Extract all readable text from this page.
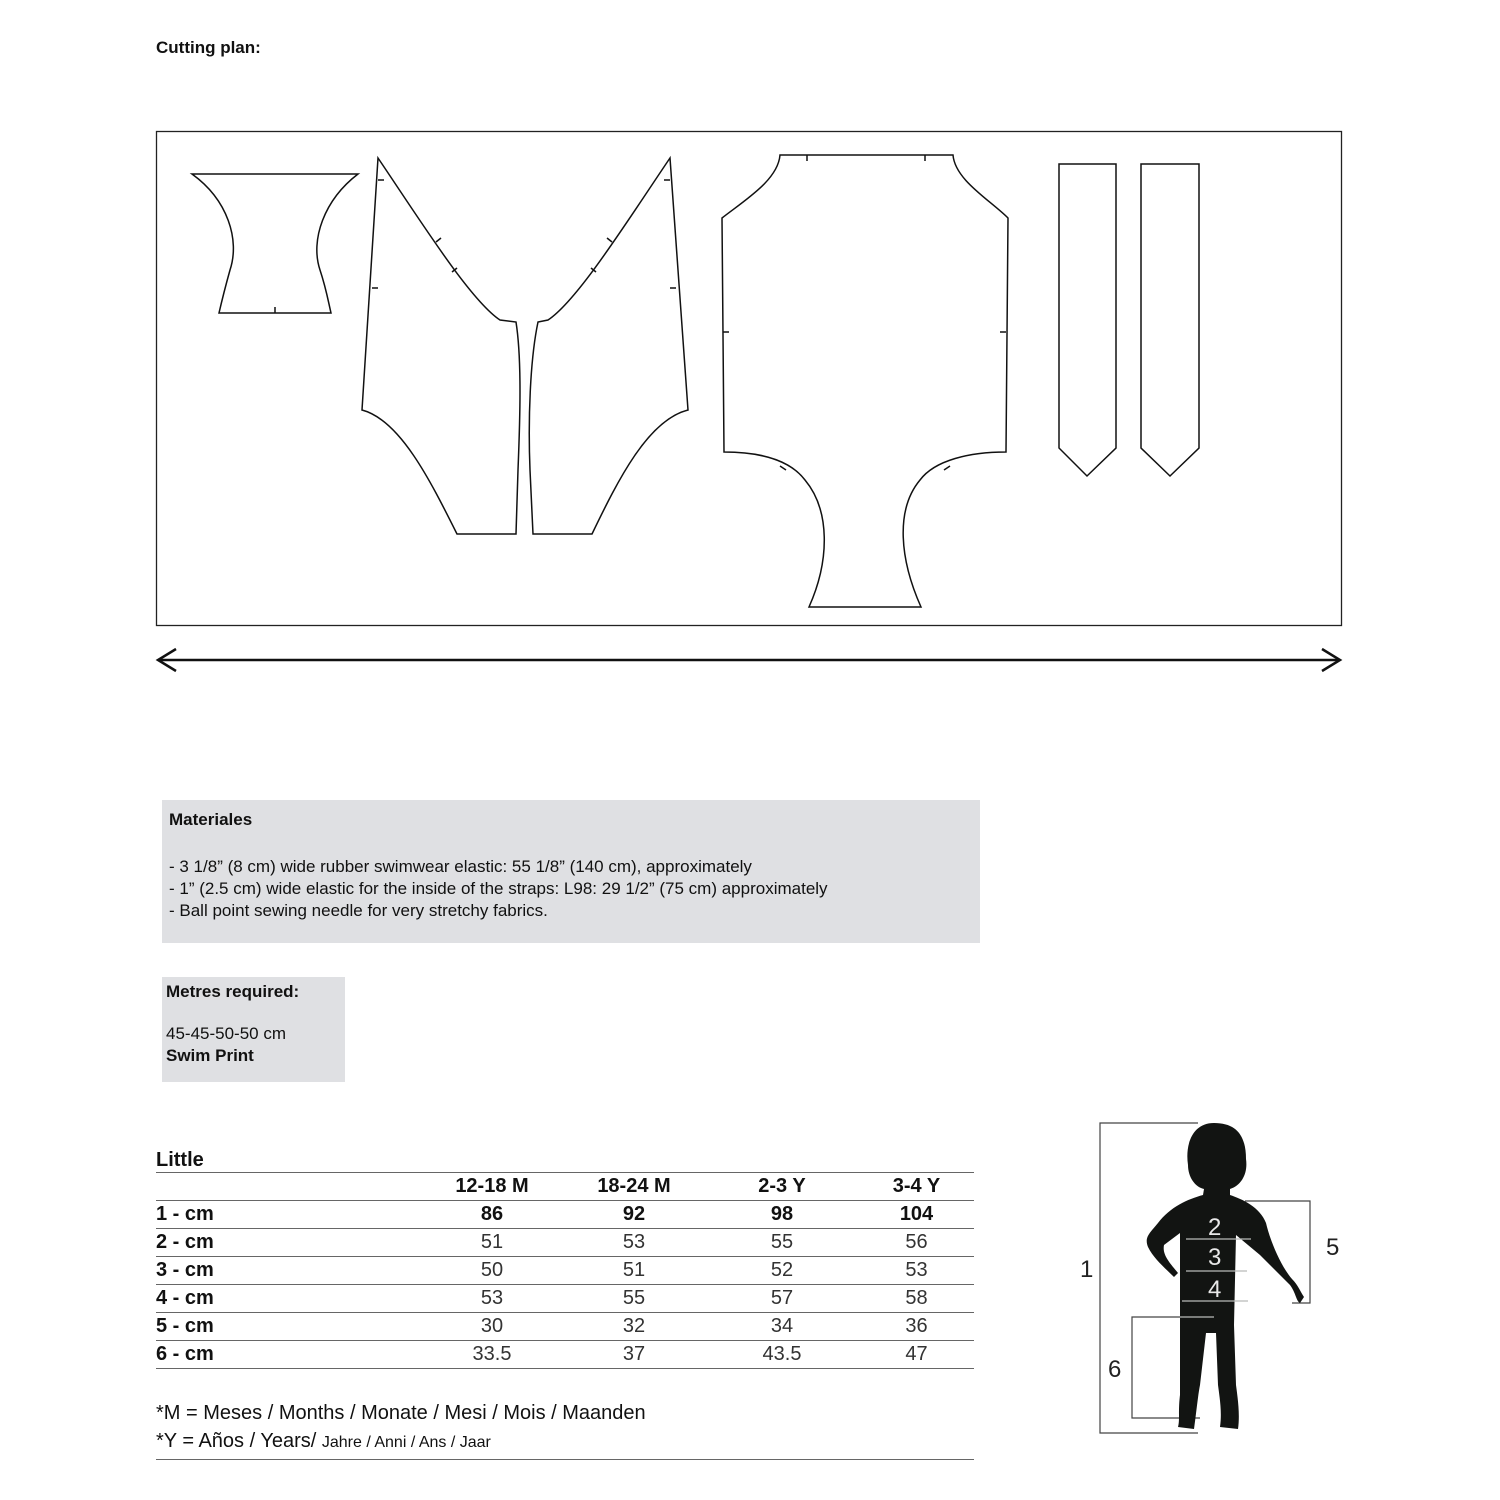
Cutting plan:
Materiales
- 3 1/8” (8 cm) wide rubber swimwear elastic: 55 1/8” (140 cm), approximately
- 1” (2.5 cm) wide elastic for the inside of the straps: L98: 29 1/2” (75 cm) approximately
- Ball point sewing needle for very stretchy fabrics.
Metres required:
45-45-50-50 cm
Swim Print
Little
	12-18 M	18-24 M	2-3 Y	3-4 Y
1 - cm	86	92	98	104
2 - cm	51	53	55	56
3 - cm	50	51	52	53
4 - cm	53	55	57	58
5 - cm	30	32	34	36
6 - cm	33.5	37	43.5	47
*M = Meses / Months / Monate / Mesi / Mois / Maanden
*Y = Años / Years/ Jahre / Anni / Ans / Jaar
1
5
6
2
3
4
